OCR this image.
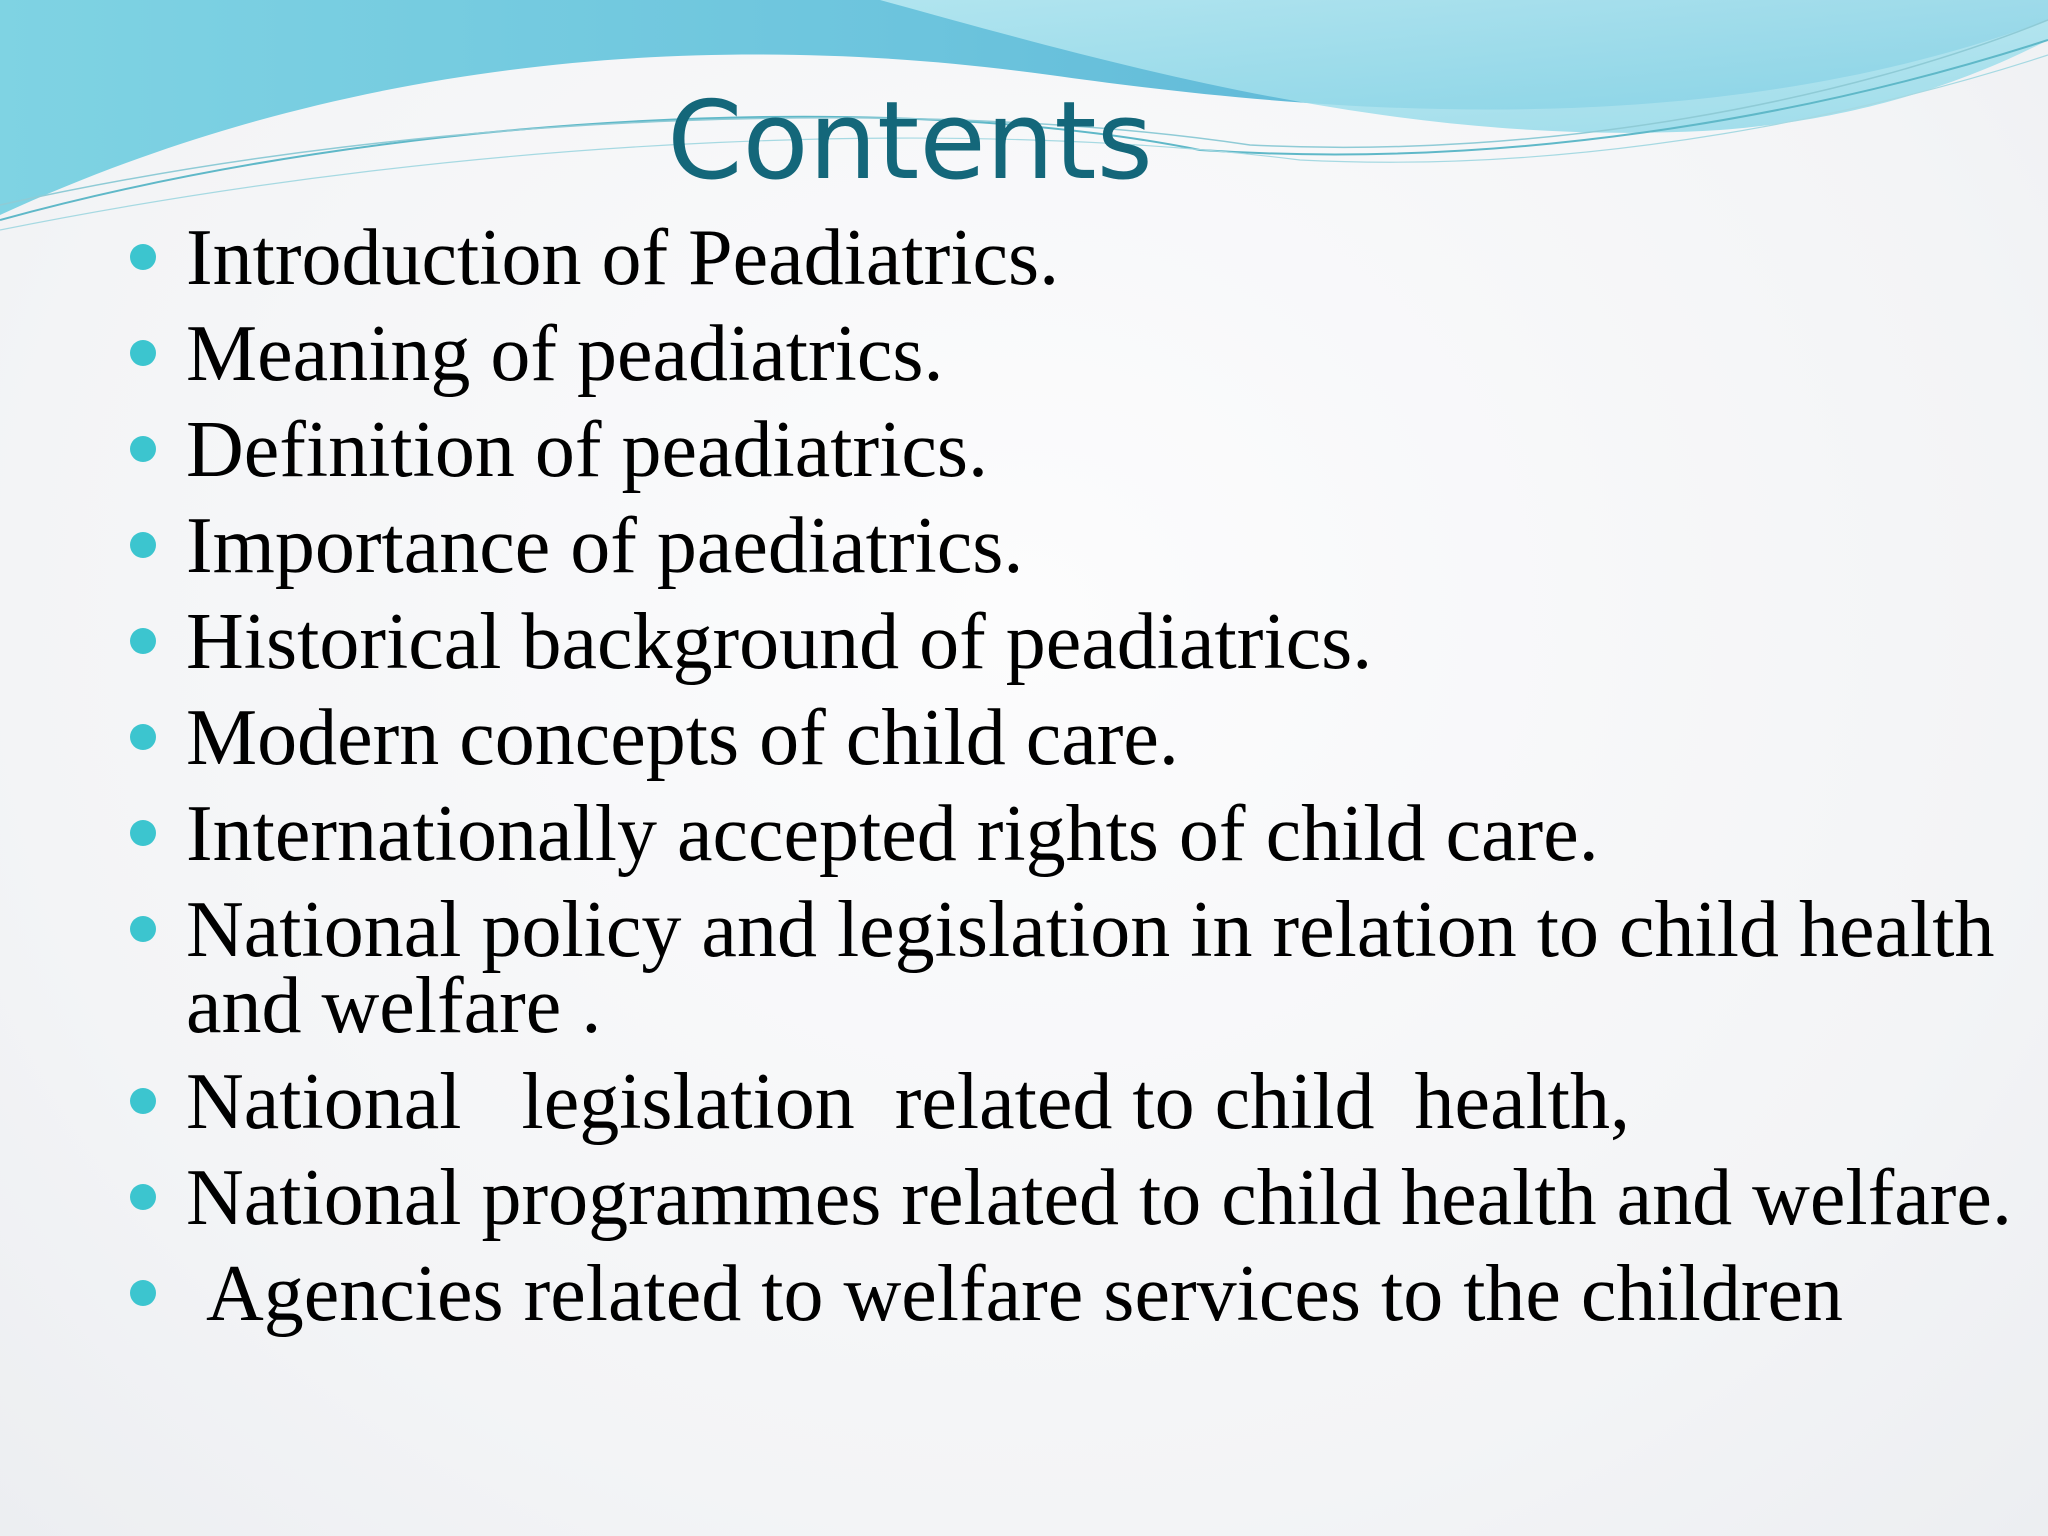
Contents
Introduction of Peadiatrics.
Meaning of peadiatrics.
Definition of peadiatrics.
Importance of paediatrics.
Historical background of peadiatrics.
Modern concepts of child care.
Internationally accepted rights of child care.
National policy and legislation in relation to child health  and welfare .
National   legislation  related to child  health,
National programmes related to child health and welfare.
Agencies related to welfare services to the children
